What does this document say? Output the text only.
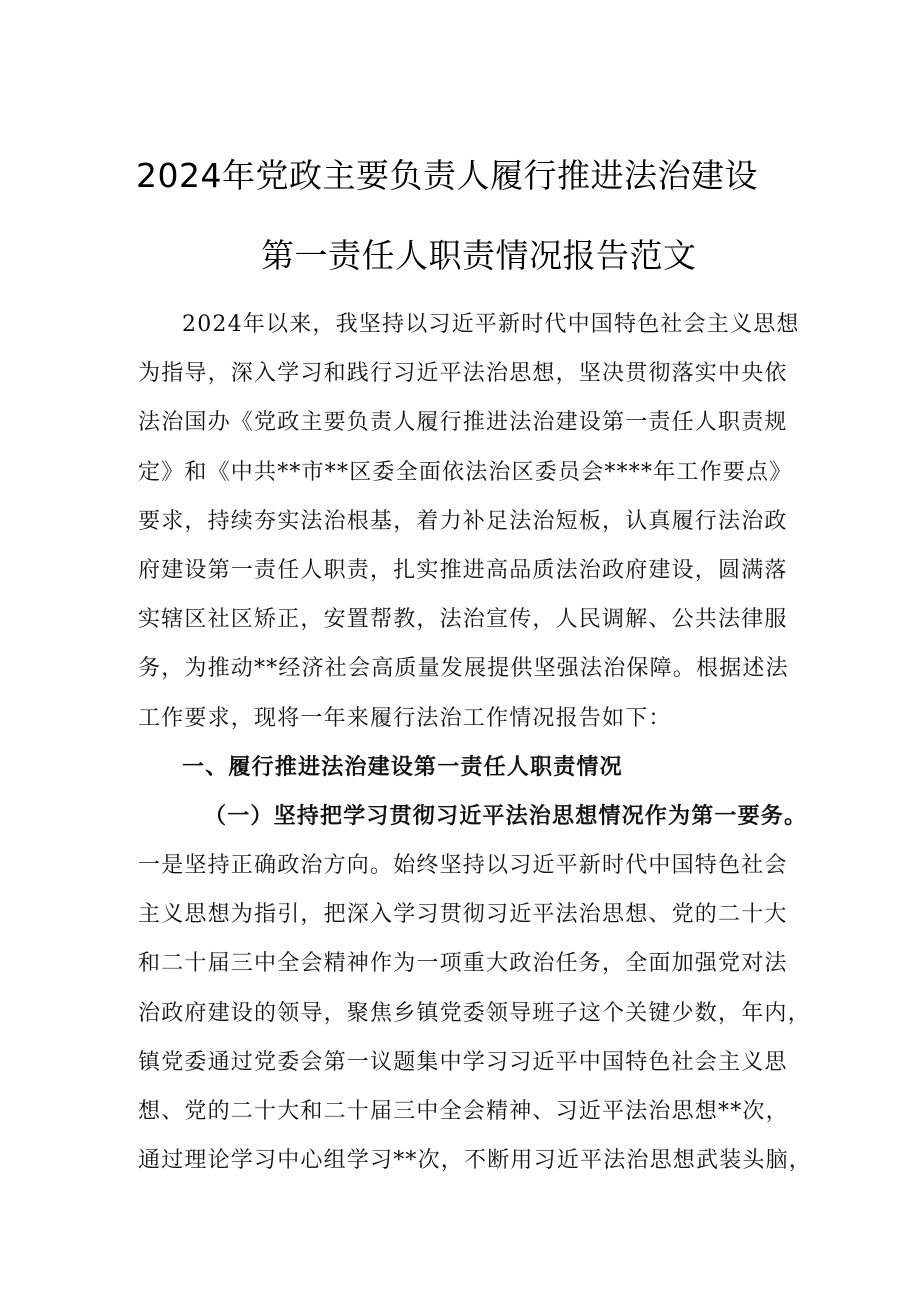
2024年党政主要负责人履行推进法治建设
第一责任人职责情况报告范文
2024年以来，我坚持以习近平新时代中国特色社会主义思想
为指导，深入学习和践行习近平法治思想，坚决贯彻落实中央依
法治国办《党政主要负责人履行推进法治建设第一责任人职责规
定》和《中共**市**区委全面依法治区委员会****年工作要点》
要求，持续夯实法治根基，着力补足法治短板，认真履行法治政
府建设第一责任人职责，扎实推进高品质法治政府建设，圆满落
实辖区社区矫正，安置帮教，法治宣传，人民调解、公共法律服
务，为推动**经济社会高质量发展提供坚强法治保障。根据述法
工作要求，现将一年来履行法治工作情况报告如下：
一、履行推进法治建设第一责任人职责情况
（一）坚持把学习贯彻习近平法治思想情况作为第一要务。
一是坚持正确政治方向。始终坚持以习近平新时代中国特色社会
主义思想为指引，把深入学习贯彻习近平法治思想、党的二十大
和二十届三中全会精神作为一项重大政治任务，全面加强党对法
治政府建设的领导，聚焦乡镇党委领导班子这个关键少数，年内，
镇党委通过党委会第一议题集中学习习近平中国特色社会主义思
想、党的二十大和二十届三中全会精神、习近平法治思想**次，
通过理论学习中心组学习**次，不断用习近平法治思想武装头脑，
